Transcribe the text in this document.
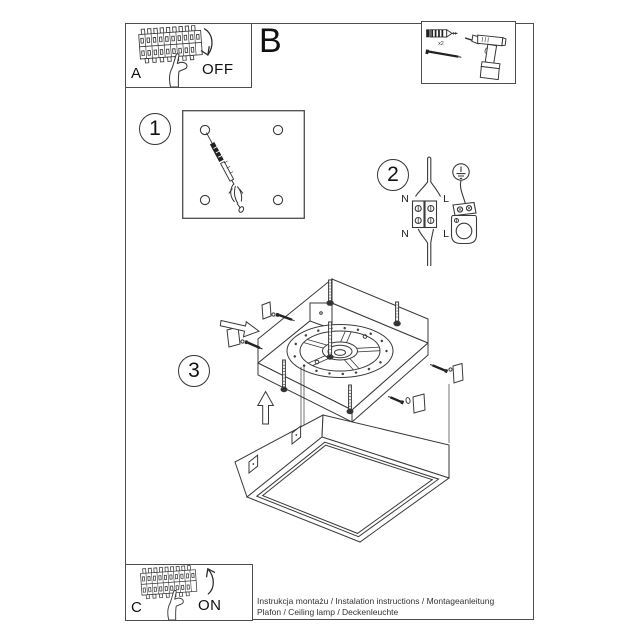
A	OFF
B	x2
1
2
N	L
N	L
3
C	ON	Instrukcja montażu / Instalation instructions / Montageanleitung
Plafon / Ceiling lamp / Deckenleuchte
